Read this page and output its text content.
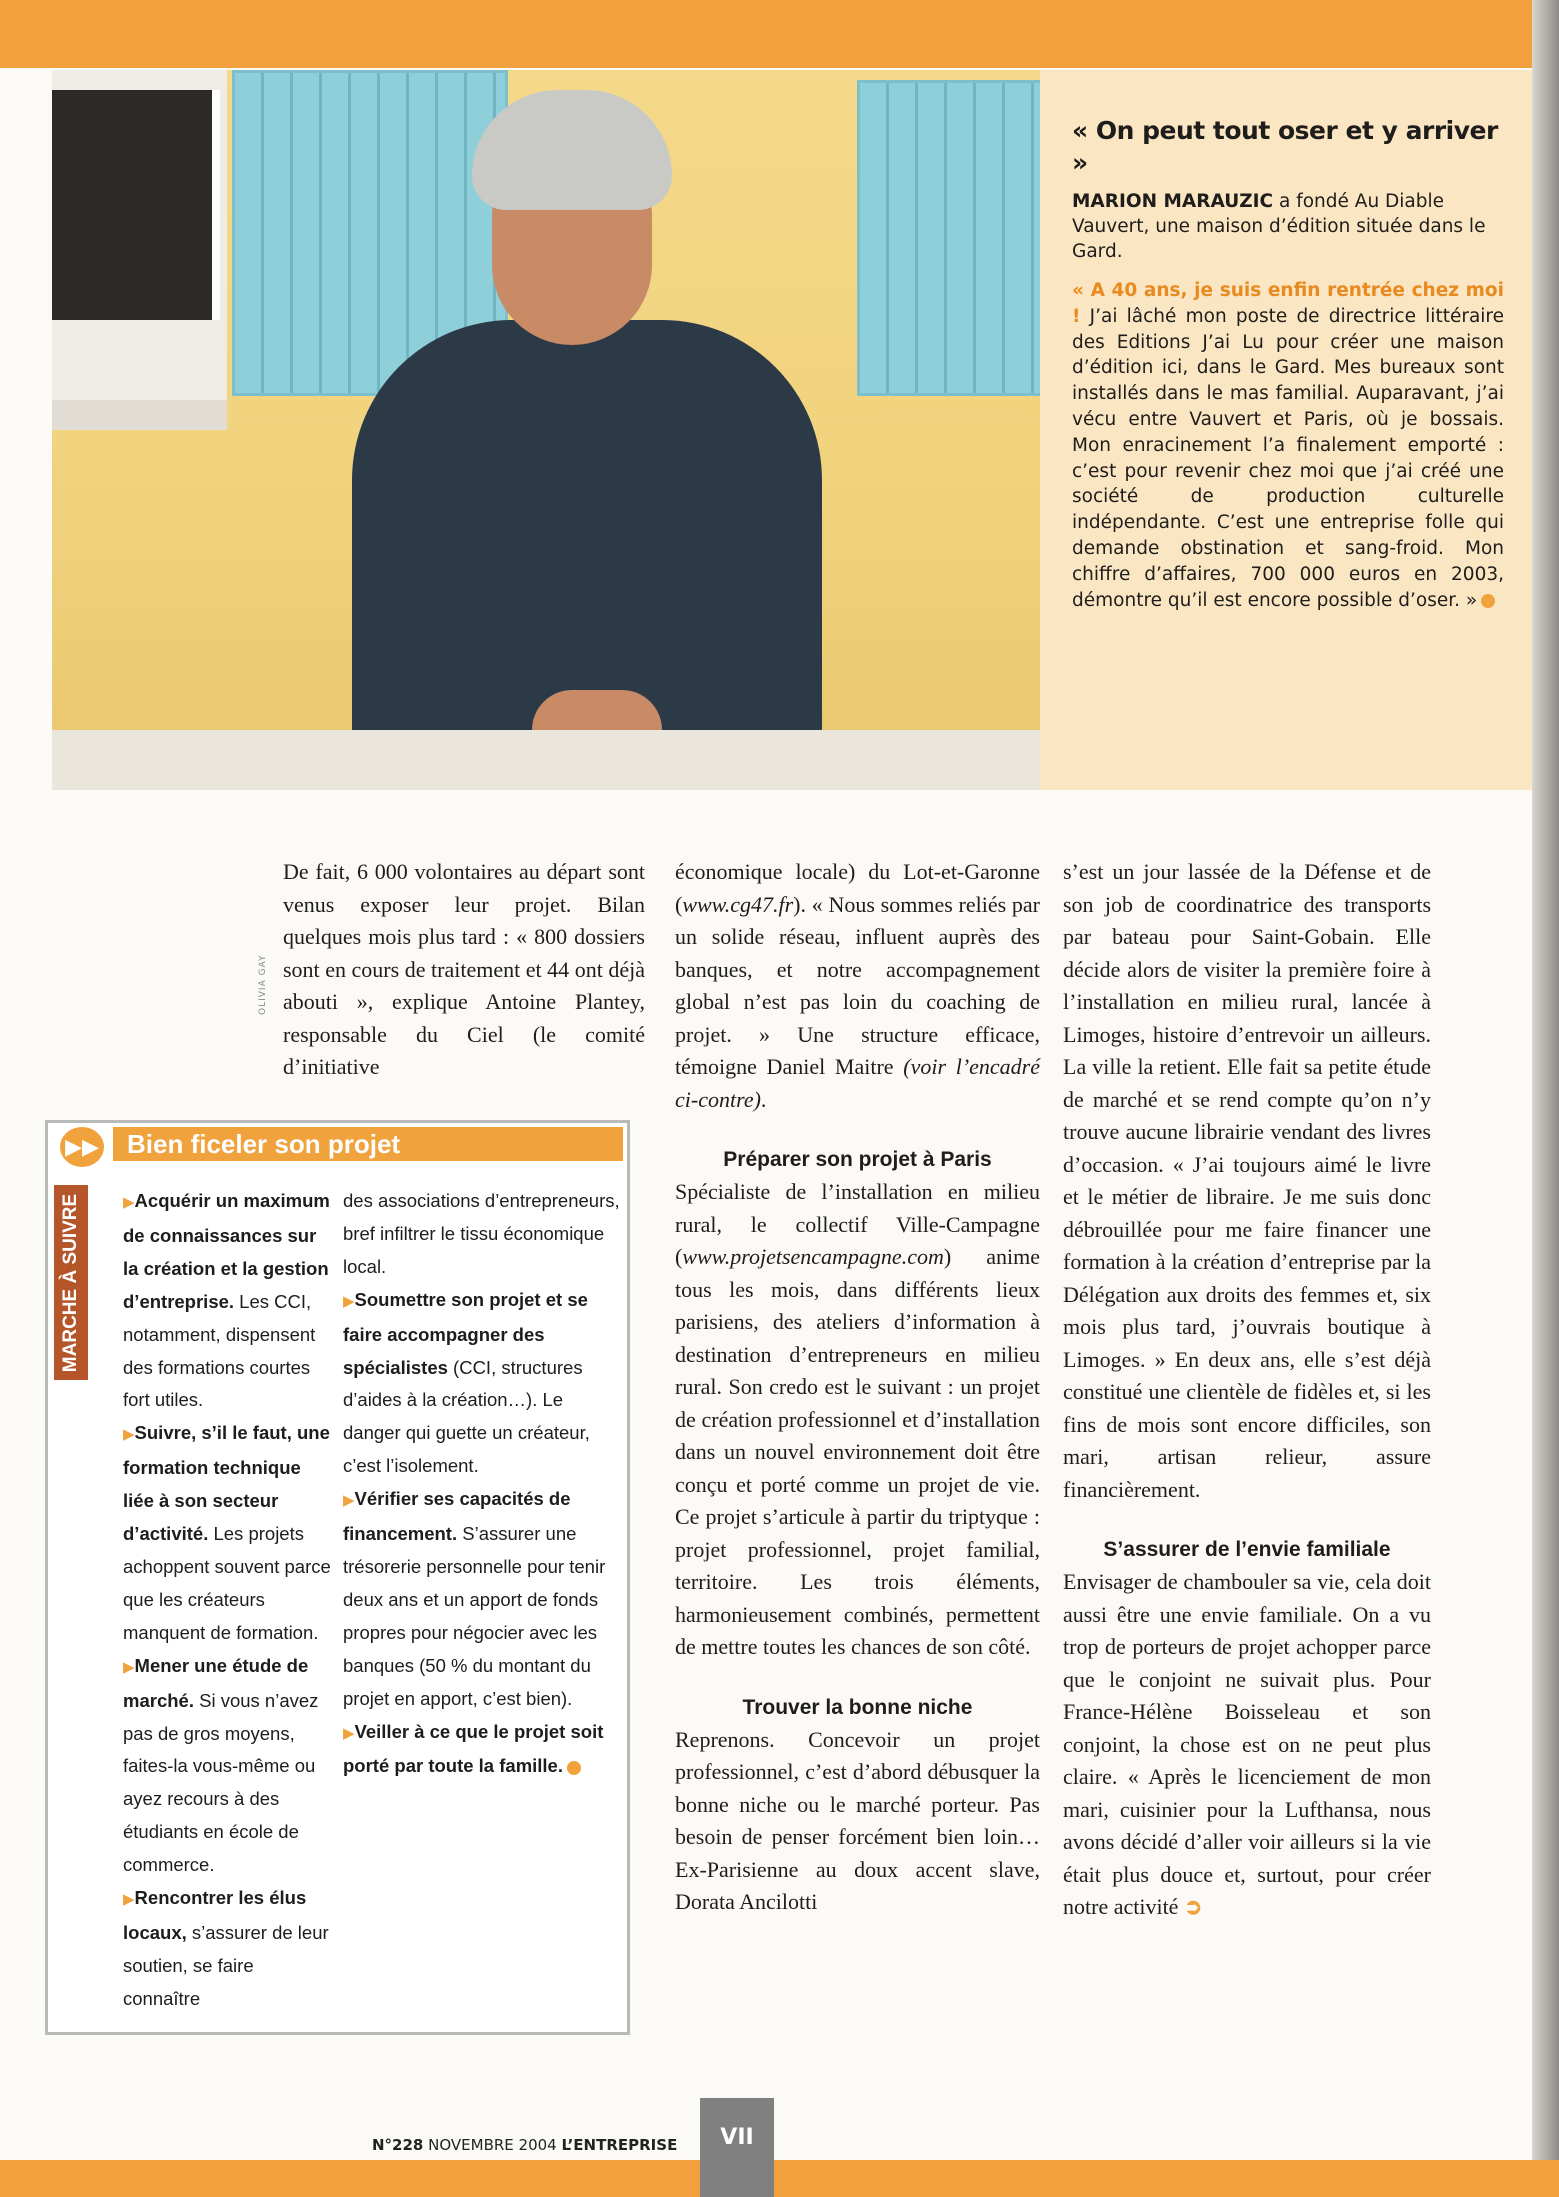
OLIVIA GAY
« On peut tout oser et y arriver »
MARION MARAUZIC a fondé Au Diable Vauvert, une maison d’édition située dans le Gard.
« A 40 ans, je suis enfin rentrée chez moi ! J’ai lâché mon poste de directrice littéraire des Editions J’ai Lu pour créer une maison d’édition ici, dans le Gard. Mes bureaux sont installés dans le mas familial. Auparavant, j’ai vécu entre Vauvert et Paris, où je bossais. Mon enracinement l’a finalement emporté : c’est pour revenir chez moi que j’ai créé une société de production culturelle indépendante. C’est une entreprise folle qui demande obstination et sang-froid. Mon chiffre d’affaires, 700 000 euros en 2003, démontre qu’il est encore possible d’oser. »

De fait, 6 000 volontaires au départ sont venus exposer leur projet. Bilan quelques mois plus tard : « 800 dossiers sont en cours de traitement et 44 ont déjà abouti », explique Antoine Plantey, responsable du Ciel (le comité d’initiative

économique locale) du Lot-et-Garonne (www.cg47.fr). « Nous sommes reliés par un solide réseau, influent auprès des banques, et notre accompagnement global n’est pas loin du coaching de projet. » Une structure efficace, témoigne Daniel Maitre (voir l’encadré ci-contre).

Préparer son projet à Paris

Spécialiste de l’installation en milieu rural, le collectif Ville-Campagne (www.projetsencampagne.com) anime tous les mois, dans différents lieux parisiens, des ateliers d’information à destination d’entrepreneurs en milieu rural. Son credo est le suivant : un projet de création professionnel et d’installation dans un nouvel environnement doit être conçu et porté comme un projet de vie. Ce projet s’articule à partir du triptyque : projet professionnel, projet familial, territoire. Les trois éléments, harmonieusement combinés, permettent de mettre toutes les chances de son côté.

Trouver la bonne niche

Reprenons. Concevoir un projet professionnel, c’est d’abord débusquer la bonne niche ou le marché porteur. Pas besoin de penser forcément bien loin… Ex-Parisienne au doux accent slave, Dorata Ancilotti

s’est un jour lassée de la Défense et de son job de coordinatrice des transports par bateau pour Saint-Gobain. Elle décide alors de visiter la première foire à l’installation en milieu rural, lancée à Limoges, histoire d’entrevoir un ailleurs. La ville la retient. Elle fait sa petite étude de marché et se rend compte qu’on n’y trouve aucune librairie vendant des livres d’occasion. « J’ai toujours aimé le livre et le métier de libraire. Je me suis donc débrouillée pour me faire financer une formation à la création d’entreprise par la Délégation aux droits des femmes et, six mois plus tard, j’ouvrais boutique à Limoges. » En deux ans, elle s’est déjà constitué une clientèle de fidèles et, si les fins de mois sont encore difficiles, son mari, artisan relieur, assure financièrement.

S’assurer de l’envie familiale

Envisager de chambouler sa vie, cela doit aussi être une envie familiale. On a vu trop de porteurs de projet achopper parce que le conjoint ne suivait plus. Pour France-Hélène Boisseleau et son conjoint, la chose est on ne peut plus claire. « Après le licenciement de mon mari, cuisinier pour la Lufthansa, nous avons décidé d’aller voir ailleurs si la vie était plus douce et, surtout, pour créer notre activité ➲

▶▶	Bien ficeler son projet
MARCHE À SUIVRE	▶Acquérir un maximum de connaissances sur la création et la gestion d’entreprise. Les CCI, notamment, dispensent des formations courtes fort utiles.
▶Suivre, s’il le faut, une formation technique liée à son secteur d’activité. Les projets achoppent souvent parce que les créateurs manquent de formation.
▶Mener une étude de marché. Si vous n’avez pas de gros moyens, faites-la vous-même ou ayez recours à des étudiants en école de commerce.
▶Rencontrer les élus locaux, s’assurer de leur soutien, se faire connaître
des associations d’entrepreneurs, bref infiltrer le tissu économique local.
▶Soumettre son projet et se faire accompagner des spécialistes (CCI, structures d’aides à la création…). Le danger qui guette un créateur, c’est l’isolement.
▶Vérifier ses capacités de financement. S’assurer une trésorerie personnelle pour tenir deux ans et un apport de fonds propres pour négocier avec les banques (50 % du montant du projet en apport, c’est bien).
▶Veiller à ce que le projet soit porté par toute la famille.
N°228 NOVEMBRE 2004 L’ENTREPRISE	VII
